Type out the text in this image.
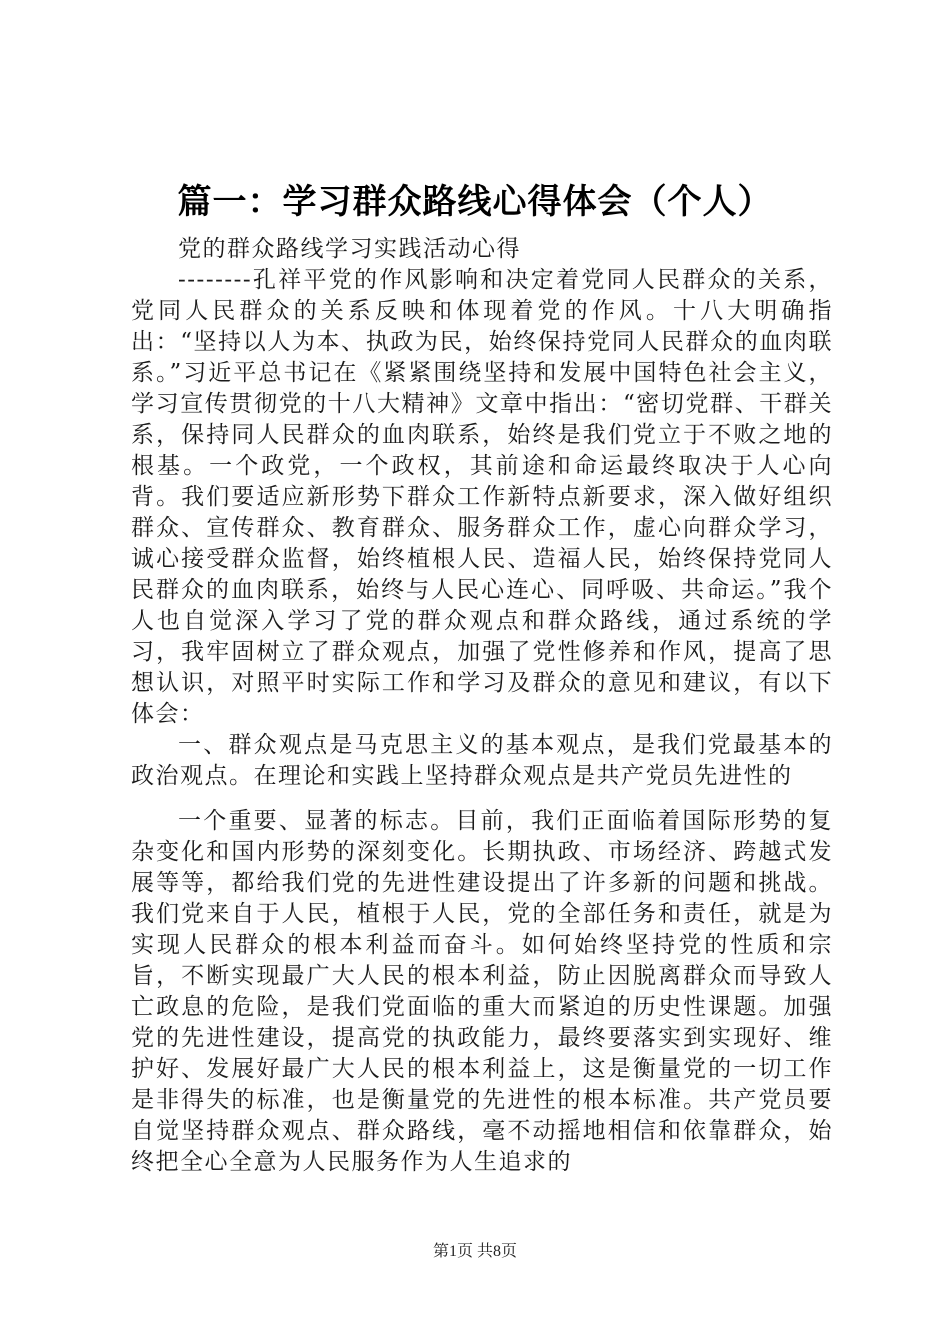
篇一：学习群众路线心得体会（个人）

党的群众路线学习实践活动心得

--------孔祥平党的作风影响和决定着党同人民群众的关系，党同人民群众的关系反映和体现着党的作风。十八大明确指出：“坚持以人为本、执政为民，始终保持党同人民群众的血肉联系。”习近平总书记在《紧紧围绕坚持和发展中国特色社会主义，学习宣传贯彻党的十八大精神》文章中指出：“密切党群、干群关系，保持同人民群众的血肉联系，始终是我们党立于不败之地的根基。一个政党，一个政权，其前途和命运最终取决于人心向背。我们要适应新形势下群众工作新特点新要求，深入做好组织群众、宣传群众、教育群众、服务群众工作，虚心向群众学习，诚心接受群众监督，始终植根人民、造福人民，始终保持党同人民群众的血肉联系，始终与人民心连心、同呼吸、共命运。”我个人也自觉深入学习了党的群众观点和群众路线，通过系统的学习，我牢固树立了群众观点，加强了党性修养和作风，提高了思想认识，对照平时实际工作和学习及群众的意见和建议，有以下体会：

一、群众观点是马克思主义的基本观点，是我们党最基本的政治观点。在理论和实践上坚持群众观点是共产党员先进性的

一个重要、显著的标志。目前，我们正面临着国际形势的复杂变化和国内形势的深刻变化。长期执政、市场经济、跨越式发展等等，都给我们党的先进性建设提出了许多新的问题和挑战。我们党来自于人民，植根于人民，党的全部任务和责任，就是为实现人民群众的根本利益而奋斗。如何始终坚持党的性质和宗旨，不断实现最广大人民的根本利益，防止因脱离群众而导致人亡政息的危险，是我们党面临的重大而紧迫的历史性课题。加强党的先进性建设，提高党的执政能力，最终要落实到实现好、维护好、发展好最广大人民的根本利益上，这是衡量党的一切工作是非得失的标准，也是衡量党的先进性的根本标准。共产党员要自觉坚持群众观点、群众路线，毫不动摇地相信和依靠群众，始终把全心全意为人民服务作为人生追求的

第1页 共8页
